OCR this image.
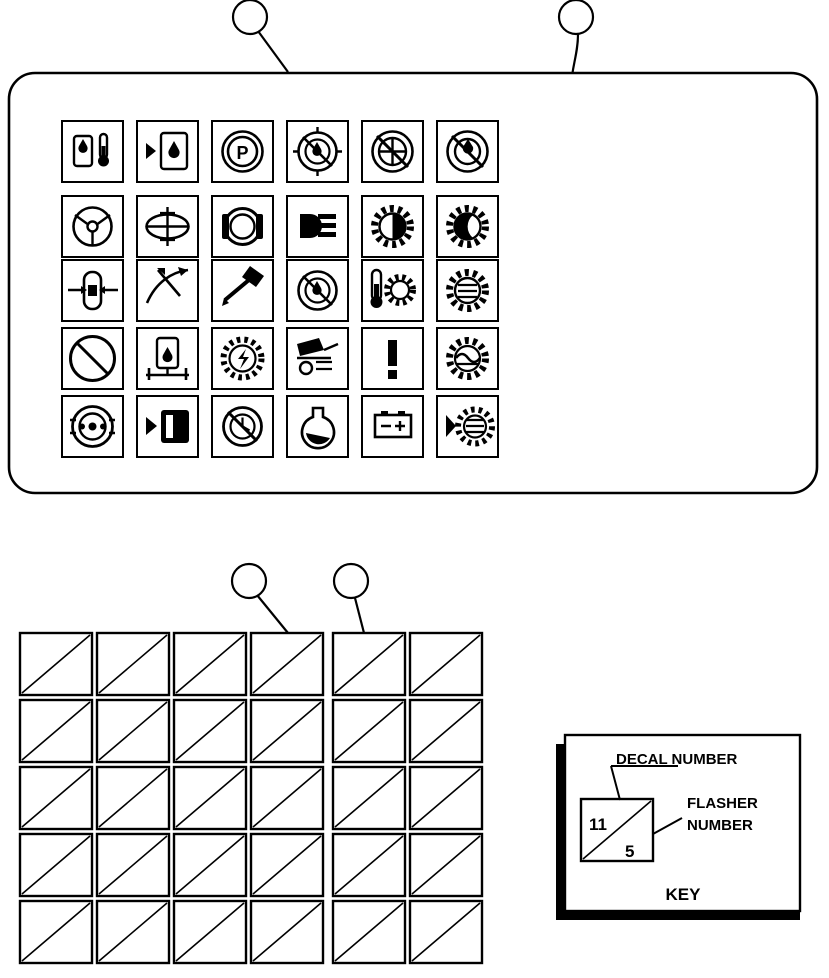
P
11
5
DECAL NUMBER
FLASHER
NUMBER
KEY
